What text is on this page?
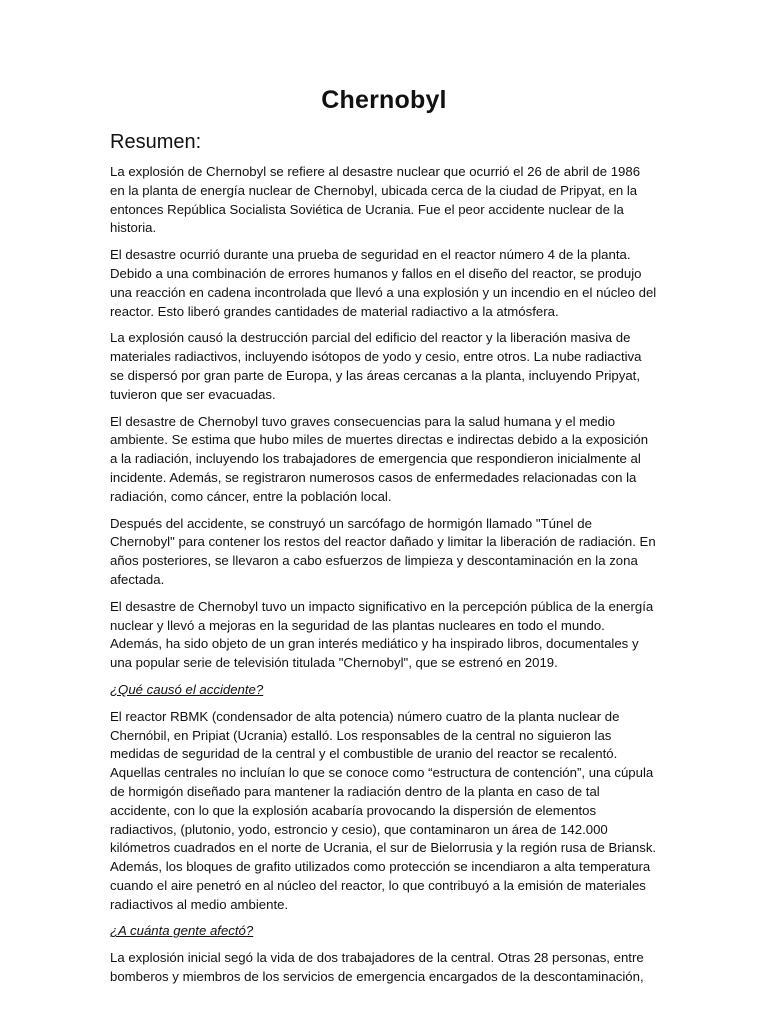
Chernobyl
Resumen:

La explosión de Chernobyl se refiere al desastre nuclear que ocurrió el 26 de abril de 1986 en la planta de energía nuclear de Chernobyl, ubicada cerca de la ciudad de Pripyat, en la entonces República Socialista Soviética de Ucrania. Fue el peor accidente nuclear de la historia.

El desastre ocurrió durante una prueba de seguridad en el reactor número 4 de la planta. Debido a una combinación de errores humanos y fallos en el diseño del reactor, se produjo una reacción en cadena incontrolada que llevó a una explosión y un incendio en el núcleo del reactor. Esto liberó grandes cantidades de material radiactivo a la atmósfera.

La explosión causó la destrucción parcial del edificio del reactor y la liberación masiva de materiales radiactivos, incluyendo isótopos de yodo y cesio, entre otros. La nube radiactiva se dispersó por gran parte de Europa, y las áreas cercanas a la planta, incluyendo Pripyat, tuvieron que ser evacuadas.

El desastre de Chernobyl tuvo graves consecuencias para la salud humana y el medio ambiente. Se estima que hubo miles de muertes directas e indirectas debido a la exposición a la radiación, incluyendo los trabajadores de emergencia que respondieron inicialmente al incidente. Además, se registraron numerosos casos de enfermedades relacionadas con la radiación, como cáncer, entre la población local.

Después del accidente, se construyó un sarcófago de hormigón llamado "Túnel de Chernobyl" para contener los restos del reactor dañado y limitar la liberación de radiación. En años posteriores, se llevaron a cabo esfuerzos de limpieza y descontaminación en la zona afectada.

El desastre de Chernobyl tuvo un impacto significativo en la percepción pública de la energía nuclear y llevó a mejoras en la seguridad de las plantas nucleares en todo el mundo. Además, ha sido objeto de un gran interés mediático y ha inspirado libros, documentales y una popular serie de televisión titulada "Chernobyl", que se estrenó en 2019.

¿Qué causó el accidente?

El reactor RBMK (condensador de alta potencia) número cuatro de la planta nuclear de Chernóbil, en Pripiat (Ucrania) estalló. Los responsables de la central no siguieron las medidas de seguridad de la central y el combustible de uranio del reactor se recalentó. Aquellas centrales no incluían lo que se conoce como “estructura de contención”, una cúpula de hormigón diseñado para mantener la radiación dentro de la planta en caso de tal accidente, con lo que la explosión acabaría provocando la dispersión de elementos radiactivos, (plutonio, yodo, estroncio y cesio), que contaminaron un área de 142.000 kilómetros cuadrados en el norte de Ucrania, el sur de Bielorrusia y la región rusa de Briansk. Además, los bloques de grafito utilizados como protección se incendiaron a alta temperatura cuando el aire penetró en al núcleo del reactor, lo que contribuyó a la emisión de materiales radiactivos al medio ambiente.

¿A cuánta gente afectó?

La explosión inicial segó la vida de dos trabajadores de la central. Otras 28 personas, entre bomberos y miembros de los servicios de emergencia encargados de la descontaminación,
